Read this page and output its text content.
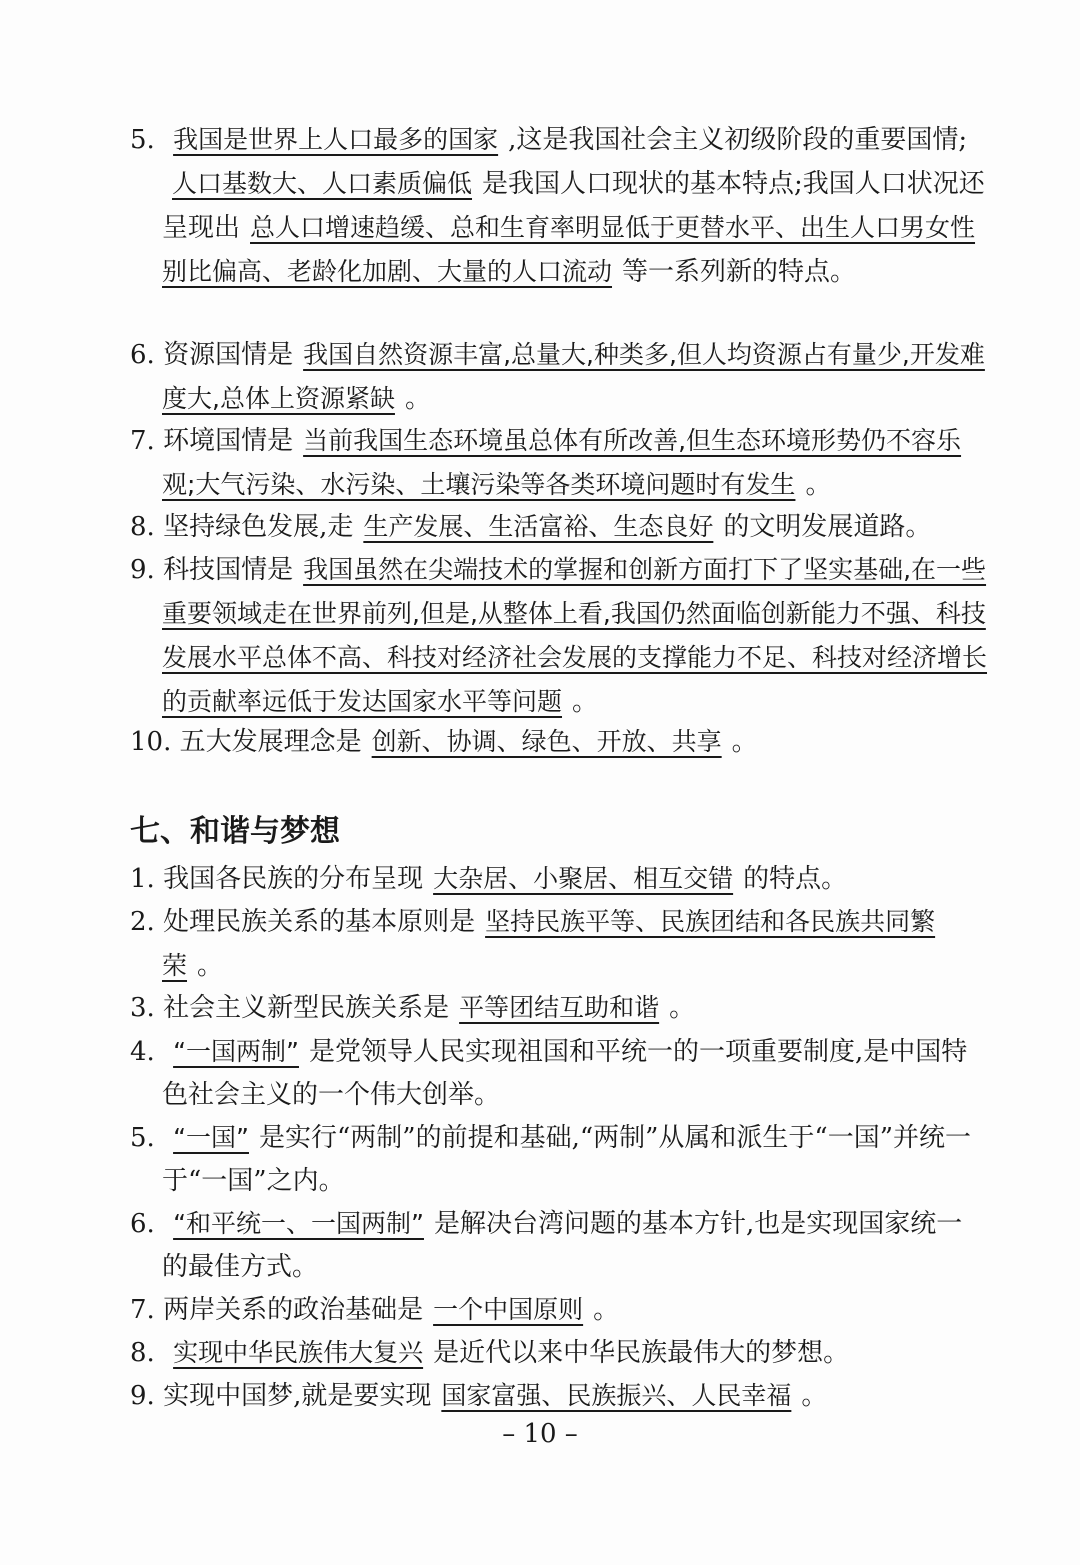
5. 我国是世界上人口最多的国家 ,这是我国社会主义初级阶段的重要国情;人口基数大、人口素质偏低 是我国人口现状的基本特点;我国人口状况还呈现出 总人口增速趋缓、总和生育率明显低于更替水平、出生人口男女性别比偏高、老龄化加剧、大量的人口流动 等一系列新的特点。
6. 资源国情是 我国自然资源丰富,总量大,种类多,但人均资源占有量少,开发难度大,总体上资源紧缺 。
7. 环境国情是 当前我国生态环境虽总体有所改善,但生态环境形势仍不容乐观;大气污染、水污染、土壤污染等各类环境问题时有发生 。
8. 坚持绿色发展,走 生产发展、生活富裕、生态良好 的文明发展道路。
9. 科技国情是 我国虽然在尖端技术的掌握和创新方面打下了坚实基础,在一些重要领域走在世界前列,但是,从整体上看,我国仍然面临创新能力不强、科技发展水平总体不高、科技对经济社会发展的支撑能力不足、科技对经济增长的贡献率远低于发达国家水平等问题 。
10. 五大发展理念是 创新、协调、绿色、开放、共享 。
七、和谐与梦想
1. 我国各民族的分布呈现 大杂居、小聚居、相互交错 的特点。
2. 处理民族关系的基本原则是 坚持民族平等、民族团结和各民族共同繁荣 。
3. 社会主义新型民族关系是 平等团结互助和谐 。
4. “一国两制” 是党领导人民实现祖国和平统一的一项重要制度,是中国特色社会主义的一个伟大创举。
5. “一国” 是实行“两制”的前提和基础,“两制”从属和派生于“一国”并统一于“一国”之内。
6. “和平统一、一国两制” 是解决台湾问题的基本方针,也是实现国家统一的最佳方式。
7. 两岸关系的政治基础是 一个中国原则 。
8. 实现中华民族伟大复兴 是近代以来中华民族最伟大的梦想。
9. 实现中国梦,就是要实现 国家富强、民族振兴、人民幸福 。
– 10 –
